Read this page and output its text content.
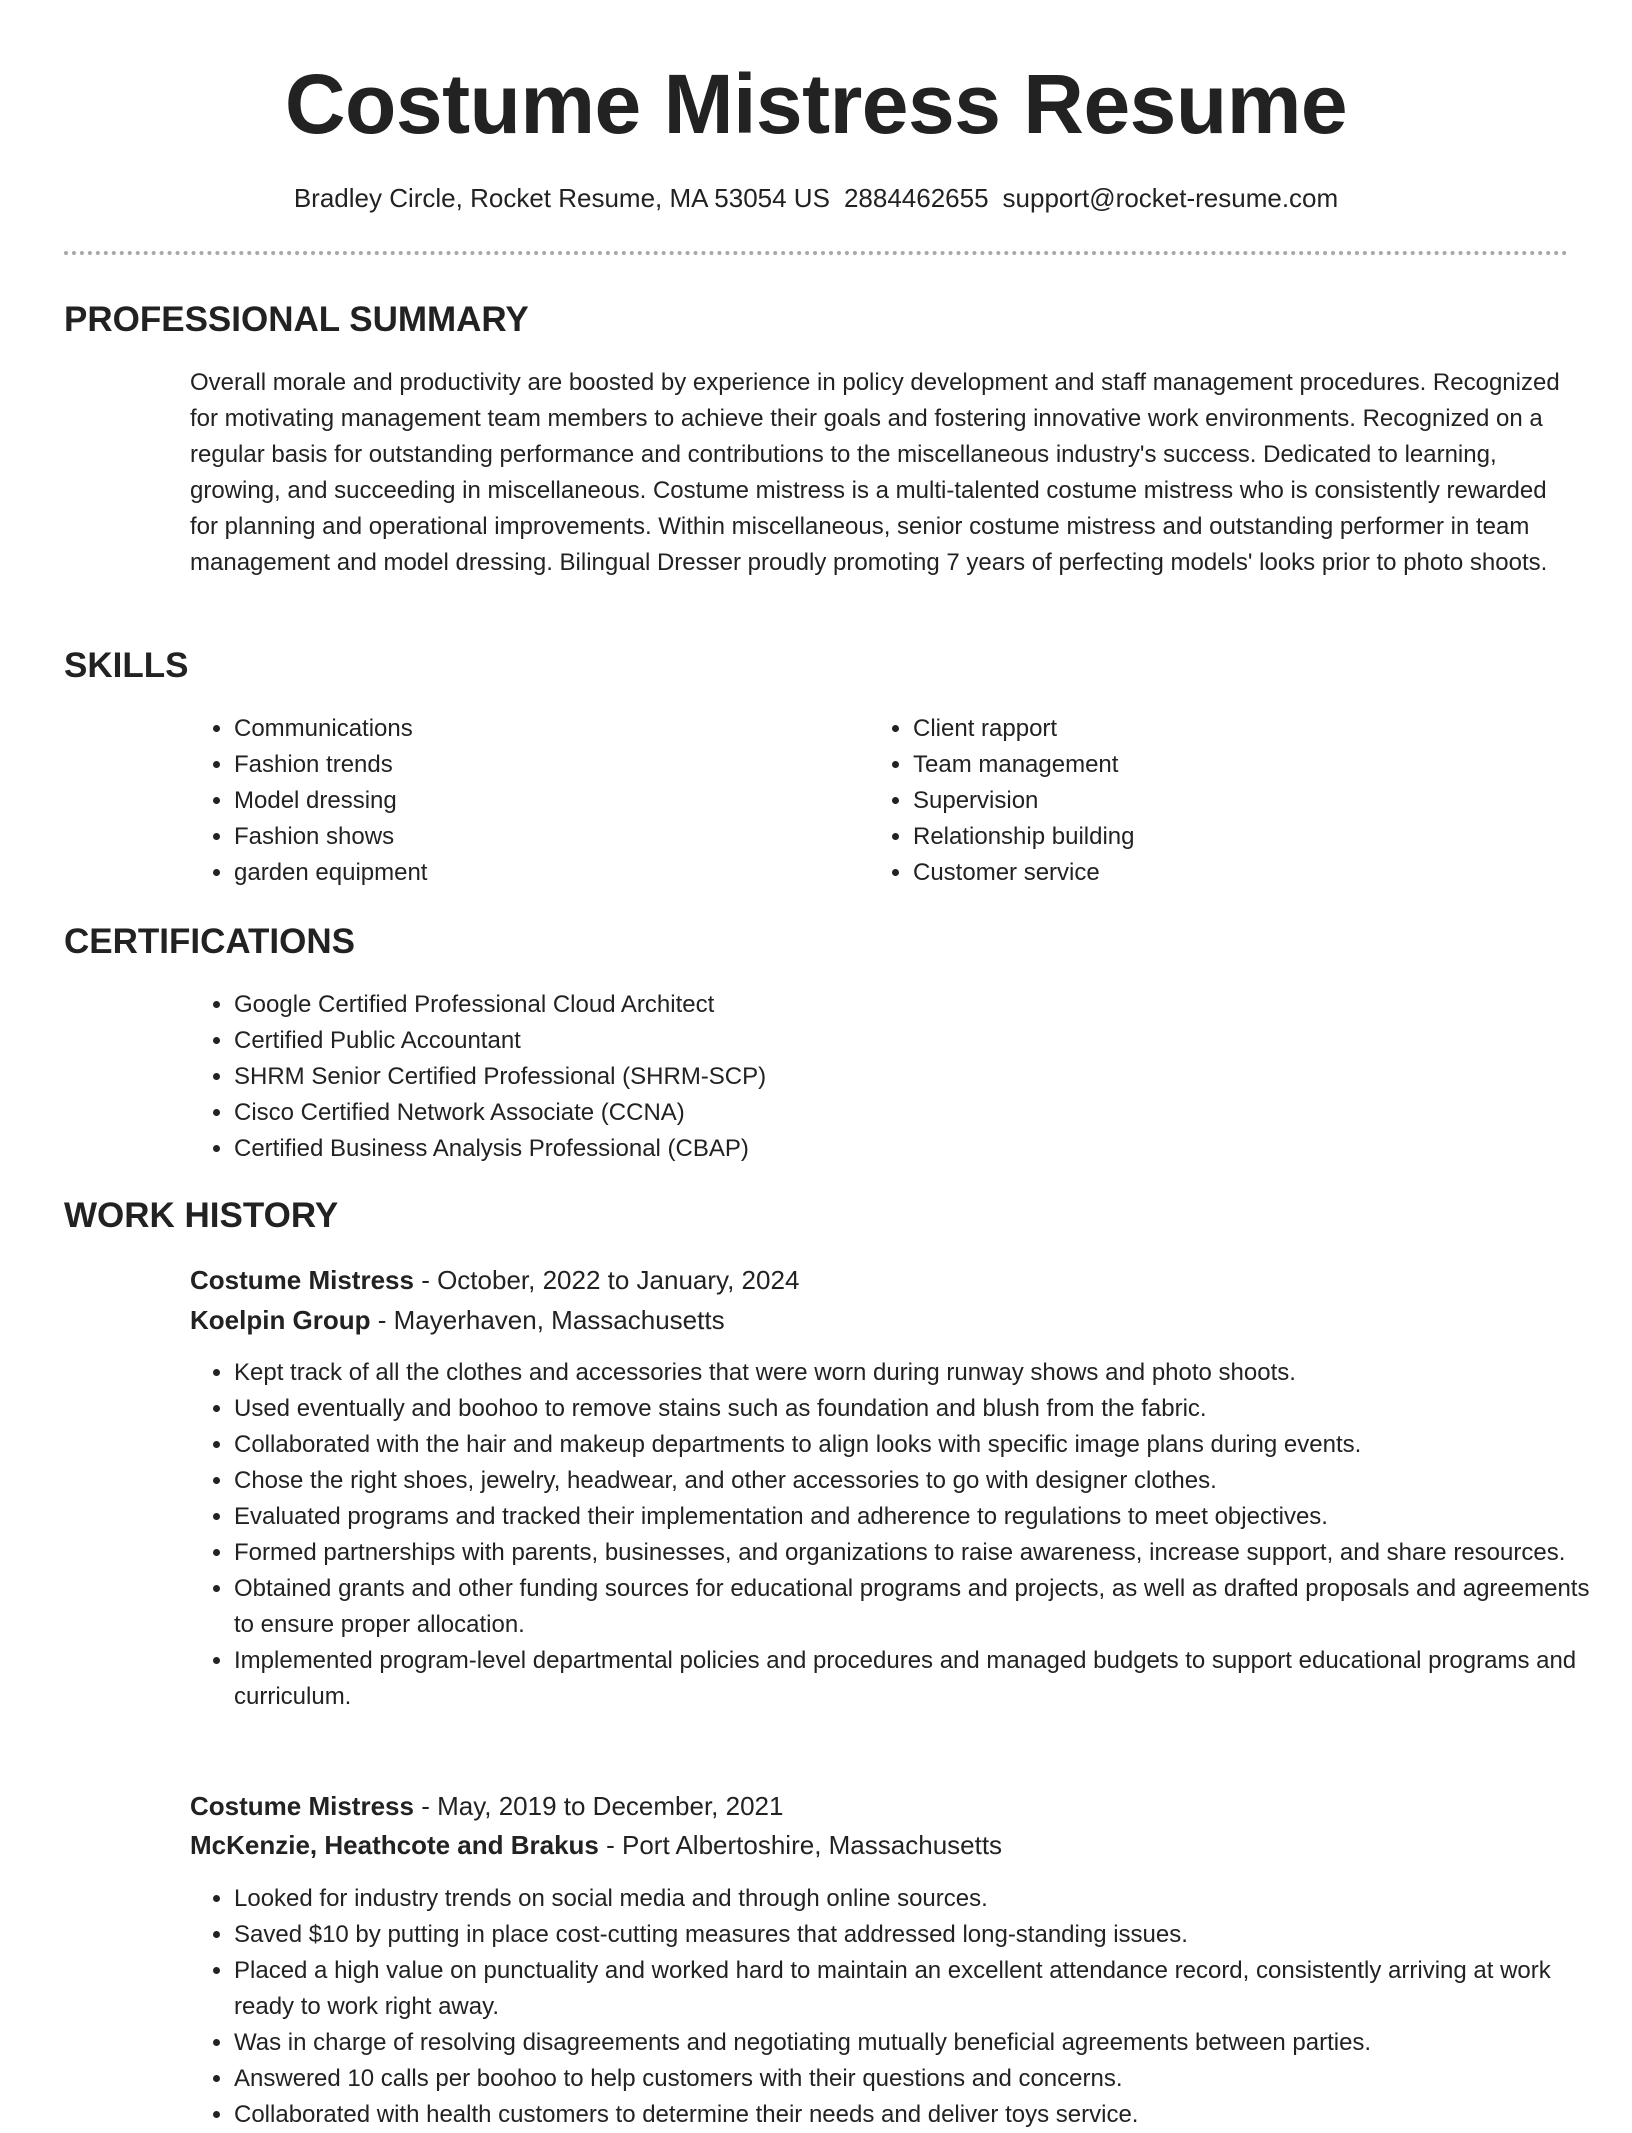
Costume Mistress Resume
Bradley Circle, Rocket Resume, MA 53054 US 2884462655 support@rocket-resume.com
PROFESSIONAL SUMMARY

Overall morale and productivity are boosted by experience in policy development and staff management procedures. Recognized for motivating management team members to achieve their goals and fostering innovative work environments. Recognized on a regular basis for outstanding performance and contributions to the miscellaneous industry's success. Dedicated to learning, growing, and succeeding in miscellaneous. Costume mistress is a multi-talented costume mistress who is consistently rewarded for planning and operational improvements. Within miscellaneous, senior costume mistress and outstanding performer in team management and model dressing. Bilingual Dresser proudly promoting 7 years of perfecting models' looks prior to photo shoots.

SKILLS
• Communications
• Fashion trends
• Model dressing
• Fashion shows
• garden equipment
• Client rapport
• Team management
• Supervision
• Relationship building
• Customer service
CERTIFICATIONS
• Google Certified Professional Cloud Architect
• Certified Public Accountant
• SHRM Senior Certified Professional (SHRM-SCP)
• Cisco Certified Network Associate (CCNA)
• Certified Business Analysis Professional (CBAP)
WORK HISTORY
Costume Mistress - October, 2022 to January, 2024
Koelpin Group - Mayerhaven, Massachusetts
• Kept track of all the clothes and accessories that were worn during runway shows and photo shoots.
• Used eventually and boohoo to remove stains such as foundation and blush from the fabric.
• Collaborated with the hair and makeup departments to align looks with specific image plans during events.
• Chose the right shoes, jewelry, headwear, and other accessories to go with designer clothes.
• Evaluated programs and tracked their implementation and adherence to regulations to meet objectives.
• Formed partnerships with parents, businesses, and organizations to raise awareness, increase support, and share resources.
• Obtained grants and other funding sources for educational programs and projects, as well as drafted proposals and agreements to ensure proper allocation.
• Implemented program-level departmental policies and procedures and managed budgets to support educational programs and curriculum.
Costume Mistress - May, 2019 to December, 2021
McKenzie, Heathcote and Brakus - Port Albertoshire, Massachusetts
• Looked for industry trends on social media and through online sources.
• Saved $10 by putting in place cost-cutting measures that addressed long-standing issues.
• Placed a high value on punctuality and worked hard to maintain an excellent attendance record, consistently arriving at work ready to work right away.
• Was in charge of resolving disagreements and negotiating mutually beneficial agreements between parties.
• Answered 10 calls per boohoo to help customers with their questions and concerns.
• Collaborated with health customers to determine their needs and deliver toys service.
